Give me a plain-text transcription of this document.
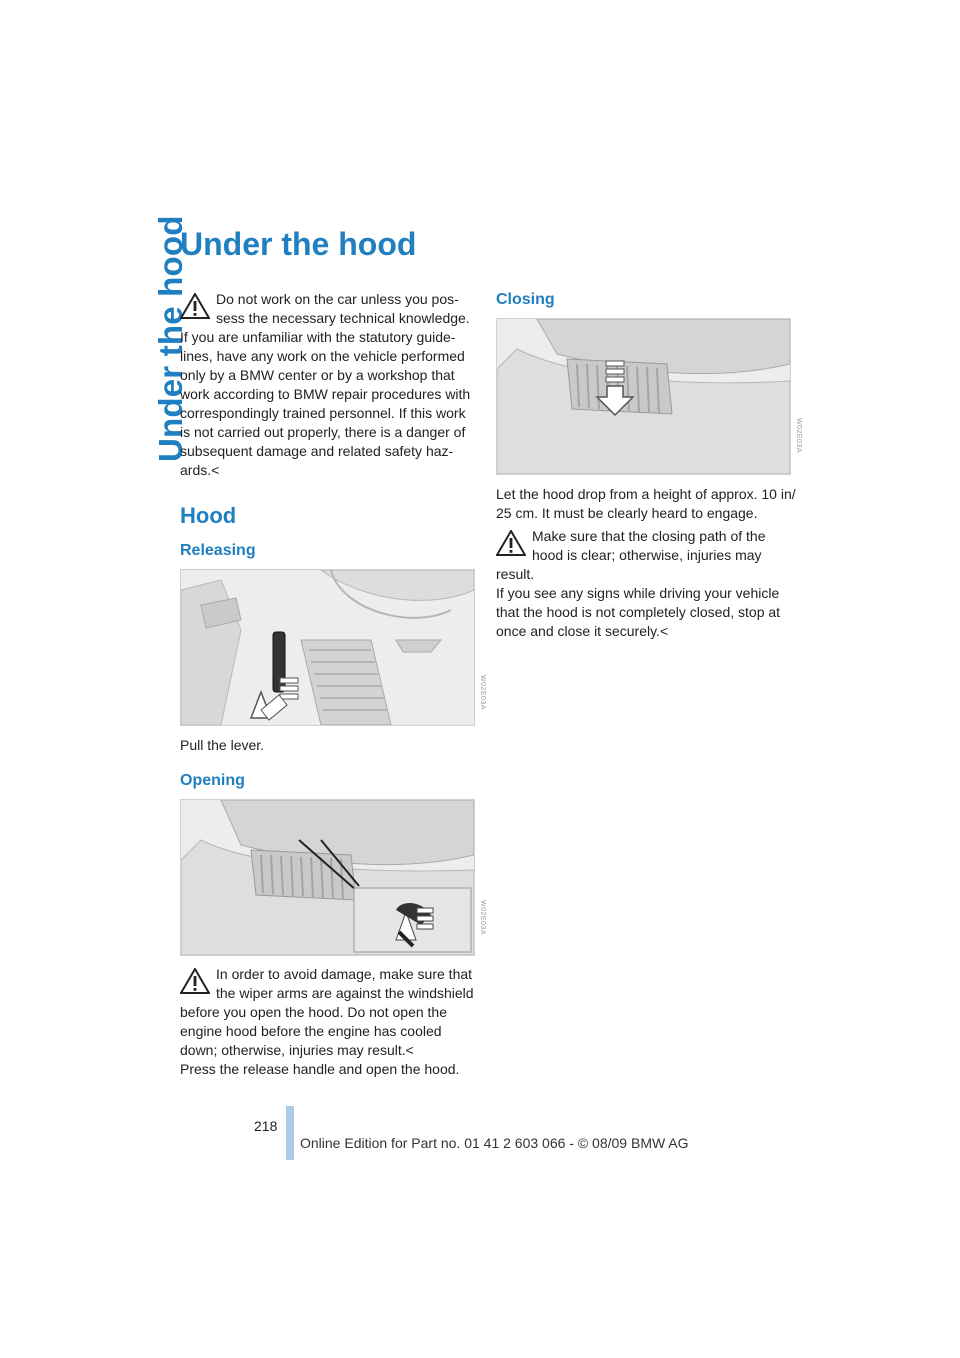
Under the hood
Under the hood

Do not work on the car unless you pos-

sess the necessary technical knowledge.

If you are unfamiliar with the statutory guide-lines, have any work on the vehicle performed only by a BMW center or by a workshop that work according to BMW repair procedures with correspondingly trained personnel. If this work is not carried out properly, there is a danger of subsequent damage and related safety haz-ards.<

Hood
Releasing
W02E03A

Pull the lever.

Opening
W02E03A

In order to avoid damage, make sure that

the wiper arms are against the windshield

before you open the hood. Do not open the engine hood before the engine has cooled down; otherwise, injuries may result.<

Press the release handle and open the hood.

Closing
W02E03A

Let the hood drop from a height of approx. 10 in/ 25 cm. It must be clearly heard to engage.

Make sure that the closing path of the

hood is clear; otherwise, injuries may

result.

If you see any signs while driving your vehicle that the hood is not completely closed, stop at once and close it securely.<

218
Online Edition for Part no. 01 41 2 603 066 - © 08/09 BMW AG
